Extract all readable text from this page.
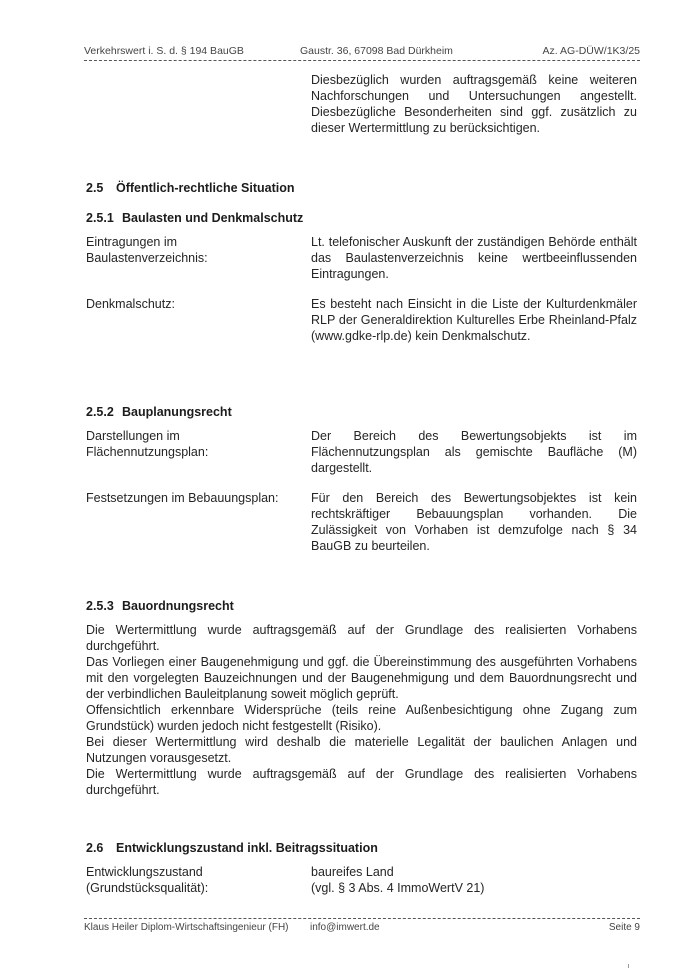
Verkehrswert i. S. d. § 194 BauGB	Gaustr. 36, 67098 Bad Dürkheim	Az. AG-DÜW/1K3/25
Diesbezüglich wurden auftragsgemäß keine weiteren Nachforschungen und Untersuchungen angestellt. Diesbezügliche Besonderheiten sind ggf. zusätzlich zu dieser Wertermittlung zu berücksichtigen.
2.5 Öffentlich-rechtliche Situation
2.5.1 Baulasten und Denkmalschutz
Eintragungen im Baulastenverzeichnis:
Lt. telefonischer Auskunft der zuständigen Behörde enthält das Baulastenverzeichnis keine wertbeeinflussenden Eintragungen.
Denkmalschutz:	Es besteht nach Einsicht in die Liste der Kulturdenkmäler RLP der Generaldirektion Kulturelles Erbe Rheinland-Pfalz (www.gdke-rlp.de) kein Denkmalschutz.
2.5.2 Bauplanungsrecht
Darstellungen im Flächennutzungsplan:
Der Bereich des Bewertungsobjekts ist im Flächennutzungsplan als gemischte Baufläche (M) dargestellt.
Festsetzungen im Bebauungsplan:	Für den Bereich des Bewertungsobjektes ist kein rechtskräftiger Bebauungsplan vorhanden. Die Zulässigkeit von Vorhaben ist demzufolge nach § 34 BauGB zu beurteilen.
2.5.3 Bauordnungsrecht
Die Wertermittlung wurde auftragsgemäß auf der Grundlage des realisierten Vorhabens durchgeführt.
Das Vorliegen einer Baugenehmigung und ggf. die Übereinstimmung des ausgeführten Vorhabens mit den vorgelegten Bauzeichnungen und der Baugenehmigung und dem Bauordnungsrecht und der verbindlichen Bauleitplanung soweit möglich geprüft.
Offensichtlich erkennbare Widersprüche (teils reine Außenbesichtigung ohne Zugang zum Grundstück) wurden jedoch nicht festgestellt (Risiko).
Bei dieser Wertermittlung wird deshalb die materielle Legalität der baulichen Anlagen und Nutzungen vorausgesetzt.
Die Wertermittlung wurde auftragsgemäß auf der Grundlage des realisierten Vorhabens durchgeführt.
2.6 Entwicklungszustand inkl. Beitragssituation
Entwicklungszustand (Grundstücksqualität):
baureifes Land
(vgl. § 3 Abs. 4 ImmoWertV 21)
Klaus Heiler Diplom-Wirtschaftsingenieur (FH) info@imwert.de	Seite 9
